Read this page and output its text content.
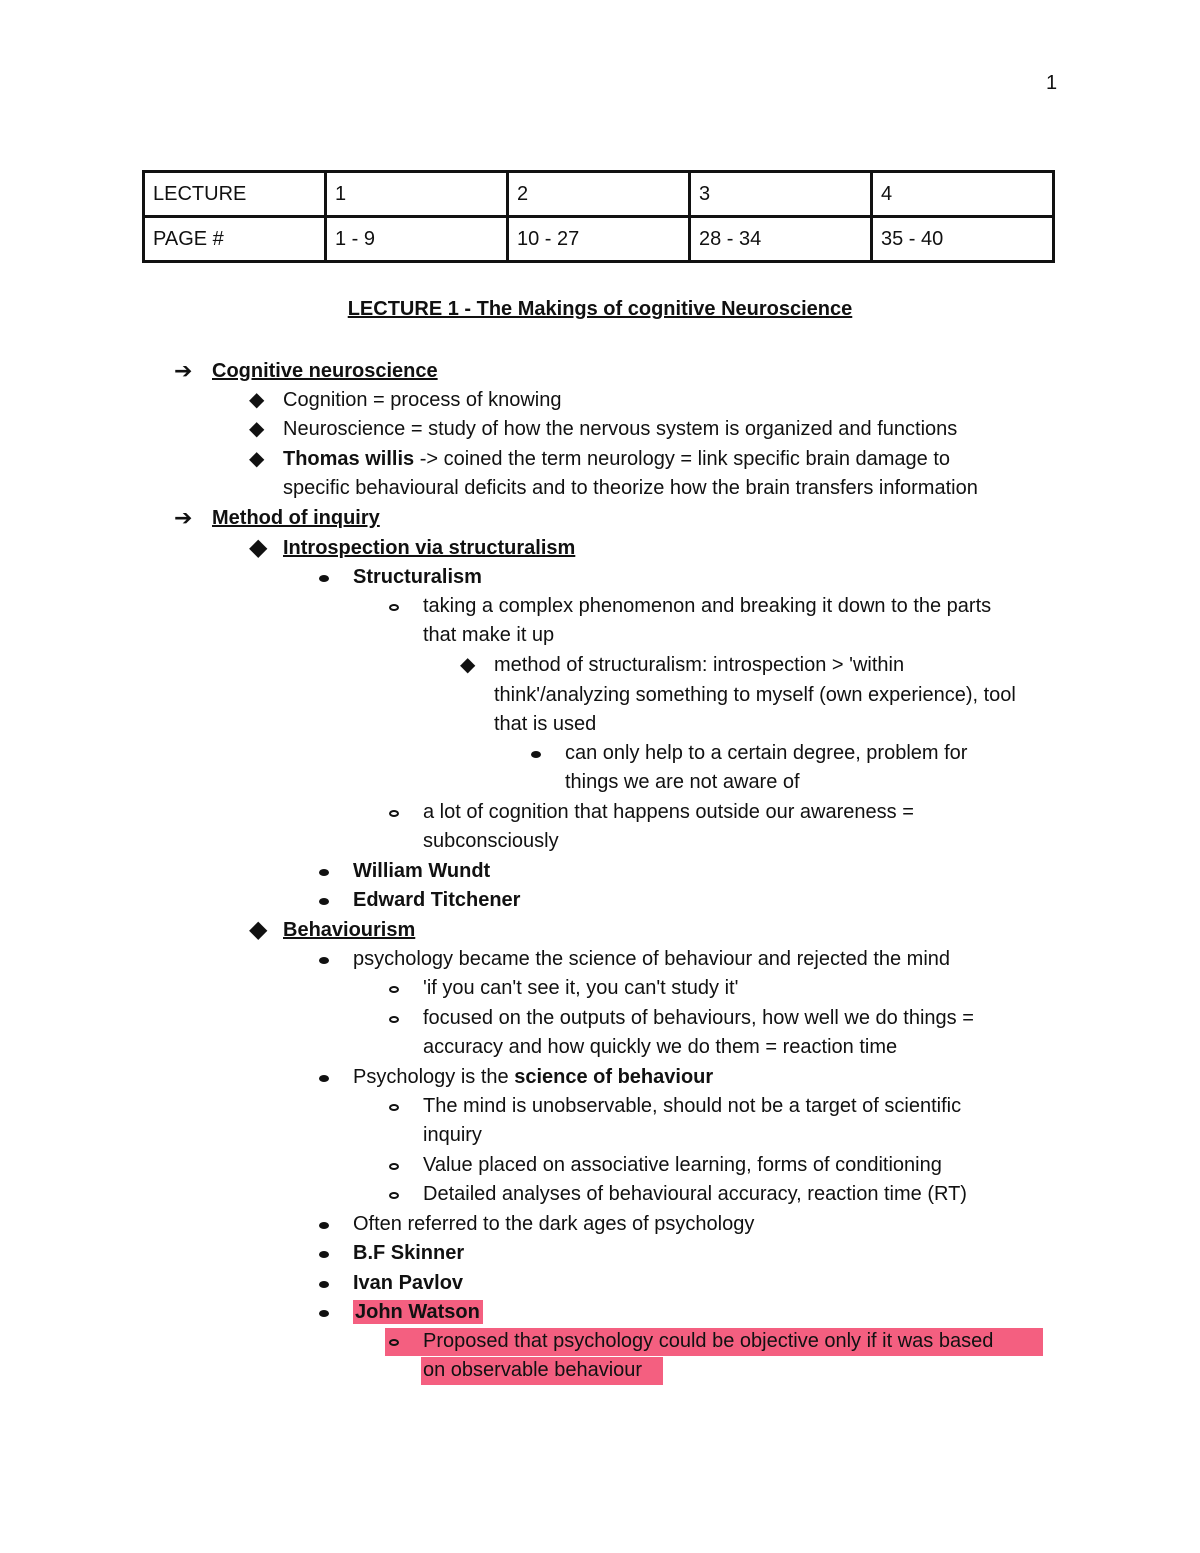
1
LECTURE	1	2	3	4
PAGE #	1 - 9	10 - 27	28 - 34	35 - 40
LECTURE 1 - The Makings of cognitive Neuroscience
➔ Cognitive neuroscience
◆ Cognition = process of knowing
◆ Neuroscience = study of how the nervous system is organized and functions
◆ Thomas willis -> coined the term neurology = link specific brain damage to
specific behavioural deficits and to theorize how the brain transfers information
➔ Method of inquiry
◆ Introspection via structuralism
Structuralism
taking a complex phenomenon and breaking it down to the parts
that make it up
◆ method of structuralism: introspection > 'within
think'/analyzing something to myself (own experience), tool
that is used
can only help to a certain degree, problem for
things we are not aware of
a lot of cognition that happens outside our awareness =
subconsciously
William Wundt
Edward Titchener
◆ Behaviourism
psychology became the science of behaviour and rejected the mind
'if you can't see it, you can't study it'
focused on the outputs of behaviours, how well we do things =
accuracy and how quickly we do them = reaction time
Psychology is the science of behaviour
The mind is unobservable, should not be a target of scientific
inquiry
Value placed on associative learning, forms of conditioning
Detailed analyses of behavioural accuracy, reaction time (RT)
Often referred to the dark ages of psychology
B.F Skinner
Ivan Pavlov
John Watson
Proposed that psychology could be objective only if it was based
on observable behaviour
